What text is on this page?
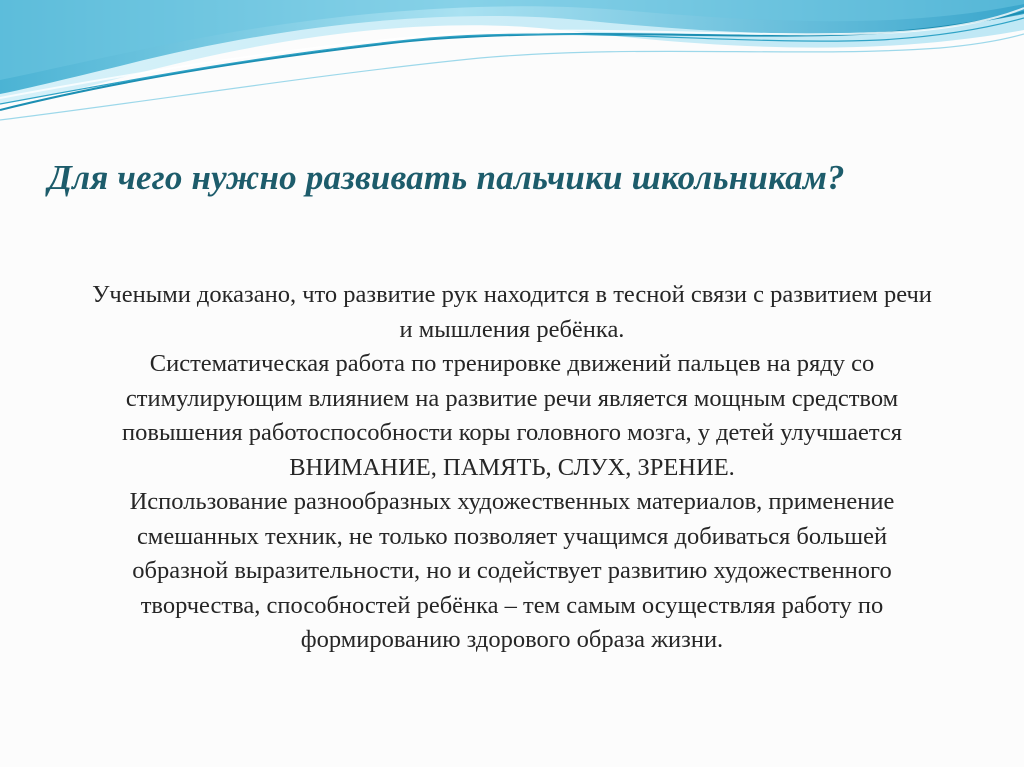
Для чего нужно развивать пальчики школьникам?

Учеными доказано, что развитие рук находится в тесной связи с развитием речи и мышления ребёнка.

Систематическая работа по тренировке движений пальцев на ряду со стимулирующим влиянием на развитие речи является мощным средством повышения работоспособности коры головного мозга, у детей улучшается ВНИМАНИЕ, ПАМЯТЬ, СЛУХ, ЗРЕНИЕ.

Использование разнообразных художественных материалов, применение смешанных техник, не только позволяет учащимся добиваться большей образной выразительности, но и содействует развитию художественного творчества, способностей ребёнка – тем самым осуществляя работу по формированию здорового образа жизни.
